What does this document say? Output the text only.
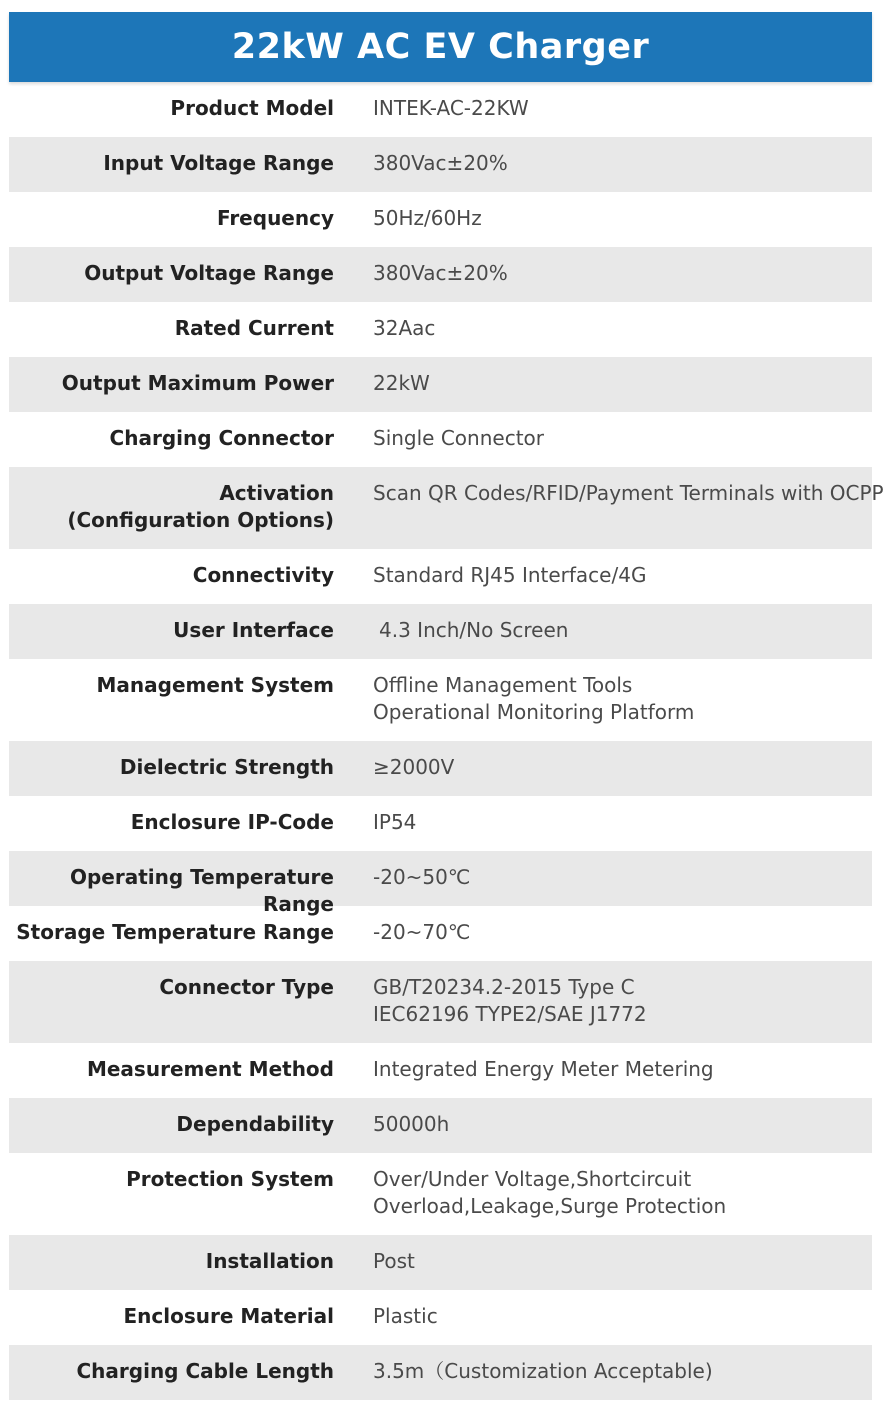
22kW AC EV Charger
Product Model INTEK-AC-22KW
Input Voltage Range 380Vac±20%
Frequency 50Hz/60Hz
Output Voltage Range 380Vac±20%
Rated Current 32Aac
Output Maximum Power 22kW
Charging Connector Single Connector
Activation
(Configuration Options)
Scan QR Codes/RFID/Payment Terminals with OCPP
Connectivity Standard RJ45 Interface/4G
User Interface 4.3 Inch/No Screen
Management System Offline Management Tools
Operational Monitoring Platform
Dielectric Strength ≥2000V
Enclosure IP-Code IP54
Operating Temperature Range
-20~50℃
Storage Temperature Range -20~70℃
Connector Type GB/T20234.2-2015 Type C
IEC62196 TYPE2/SAE J1772
Measurement Method Integrated Energy Meter Metering
Dependability 50000h
Protection System Over/Under Voltage,Shortcircuit
Overload,Leakage,Surge Protection
Installation Post
Enclosure Material Plastic
Charging Cable Length 3.5m（Customization Acceptable)
